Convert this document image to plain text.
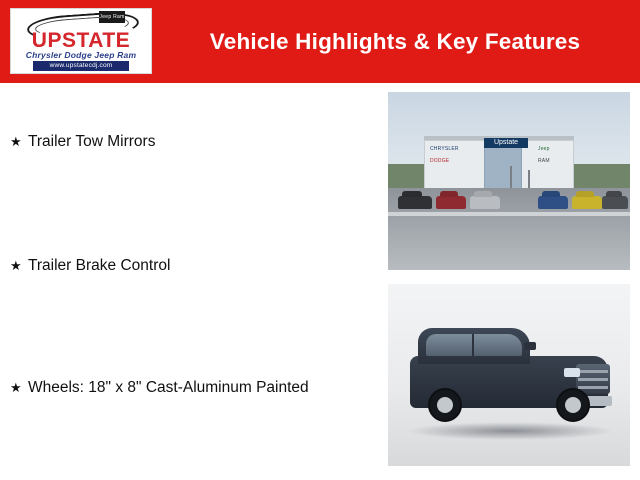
Jeep Ram
UPSTATE
Chrysler Dodge Jeep Ram
www.upstatecdj.com
Vehicle Highlights & Key Features
★ Trailer Tow Mirrors
★ Trailer Brake Control
★ Wheels: 18" x 8" Cast-Aluminum Painted
Upstate
CHRYSLER
DODGE
Jeep
RAM
